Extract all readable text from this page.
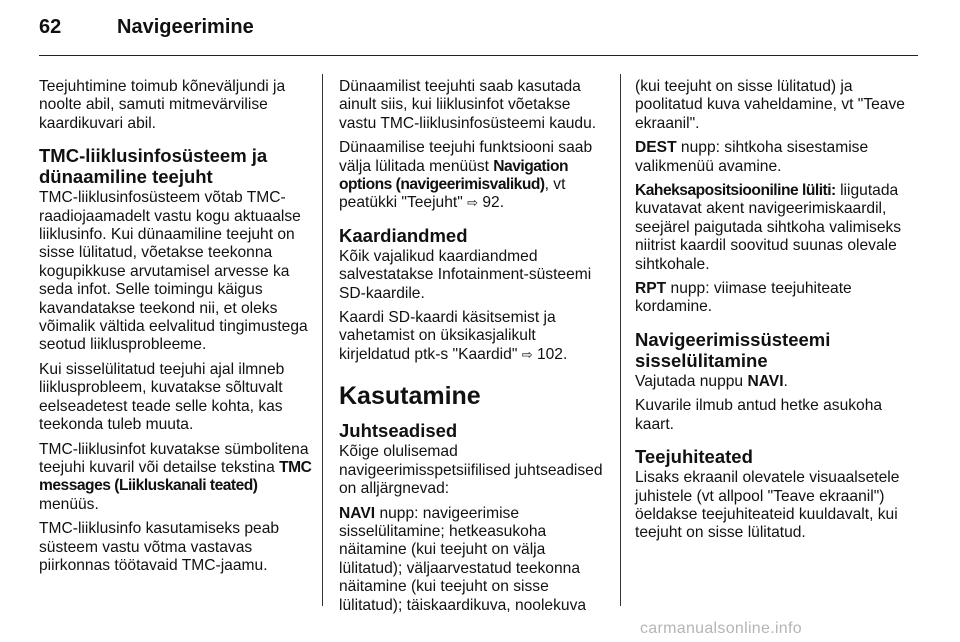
62	Navigeerimine

Teejuhtimine toimub kõneväljundi ja noolte abil, samuti mitmevärvilise kaardikuvari abil.

TMC-liiklusinfosüsteem ja dünaamiline teejuht

TMC-liiklusinfosüsteem võtab TMC-raadiojaamadelt vastu kogu aktuaalse liiklusinfo. Kui dünaamiline teejuht on sisse lülitatud, võetakse teekonna kogupikkuse arvutamisel arvesse ka seda infot. Selle toimingu käigus kavandatakse teekond nii, et oleks võimalik vältida eelvalitud tingimustega seotud liiklusprobleeme.

Kui sisselülitatud teejuhi ajal ilmneb liiklusprobleem, kuvatakse sõltuvalt eelseadetest teade selle kohta, kas teekonda tuleb muuta.

TMC-liiklusinfot kuvatakse sümbolitena teejuhi kuvaril või detailse tekstina TMC messages (Liikluskanali teated) menüüs.

TMC-liiklusinfo kasutamiseks peab süsteem vastu võtma vastavas piirkonnas töötavaid TMC-jaamu.

Dünaamilist teejuhti saab kasutada ainult siis, kui liiklusinfot võetakse vastu TMC-liiklusinfosüsteemi kaudu.

Dünaamilise teejuhi funktsiooni saab välja lülitada menüüst Navigation options (navigeerimisvalikud), vt peatükki "Teejuht" ⇨ 92.

Kaardiandmed

Kõik vajalikud kaardiandmed salvestatakse Infotainment-süsteemi SD-kaardile.

Kaardi SD-kaardi käsitsemist ja vahetamist on üksikasjalikult kirjeldatud ptk-s "Kaardid" ⇨ 102.

Kasutamine
Juhtseadised

Kõige olulisemad navigeerimisspetsiifilised juhtseadised on alljärgnevad:

NAVI nupp: navigeerimise sisselülitamine; hetkeasukoha näitamine (kui teejuht on välja lülitatud); väljaarvestatud teekonna näitamine (kui teejuht on sisse lülitatud); täiskaardikuva, noolekuva

(kui teejuht on sisse lülitatud) ja poolitatud kuva vaheldamine, vt "Teave ekraanil".

DEST nupp: sihtkoha sisestamise valikmenüü avamine.

Kaheksapositsiooniline lüliti: liigutada kuvatavat akent navigeerimiskaardil, seejärel paigutada sihtkoha valimiseks niitrist kaardil soovitud suunas olevale sihtkohale.

RPT nupp: viimase teejuhiteate kordamine.

Navigeerimissüsteemi sisselülitamine

Vajutada nuppu NAVI.

Kuvarile ilmub antud hetke asukoha kaart.

Teejuhiteated

Lisaks ekraanil olevatele visuaalsetele juhistele (vt allpool "Teave ekraanil") öeldakse teejuhiteateid kuuldavalt, kui teejuht on sisse lülitatud.

carmanualsonline.info
